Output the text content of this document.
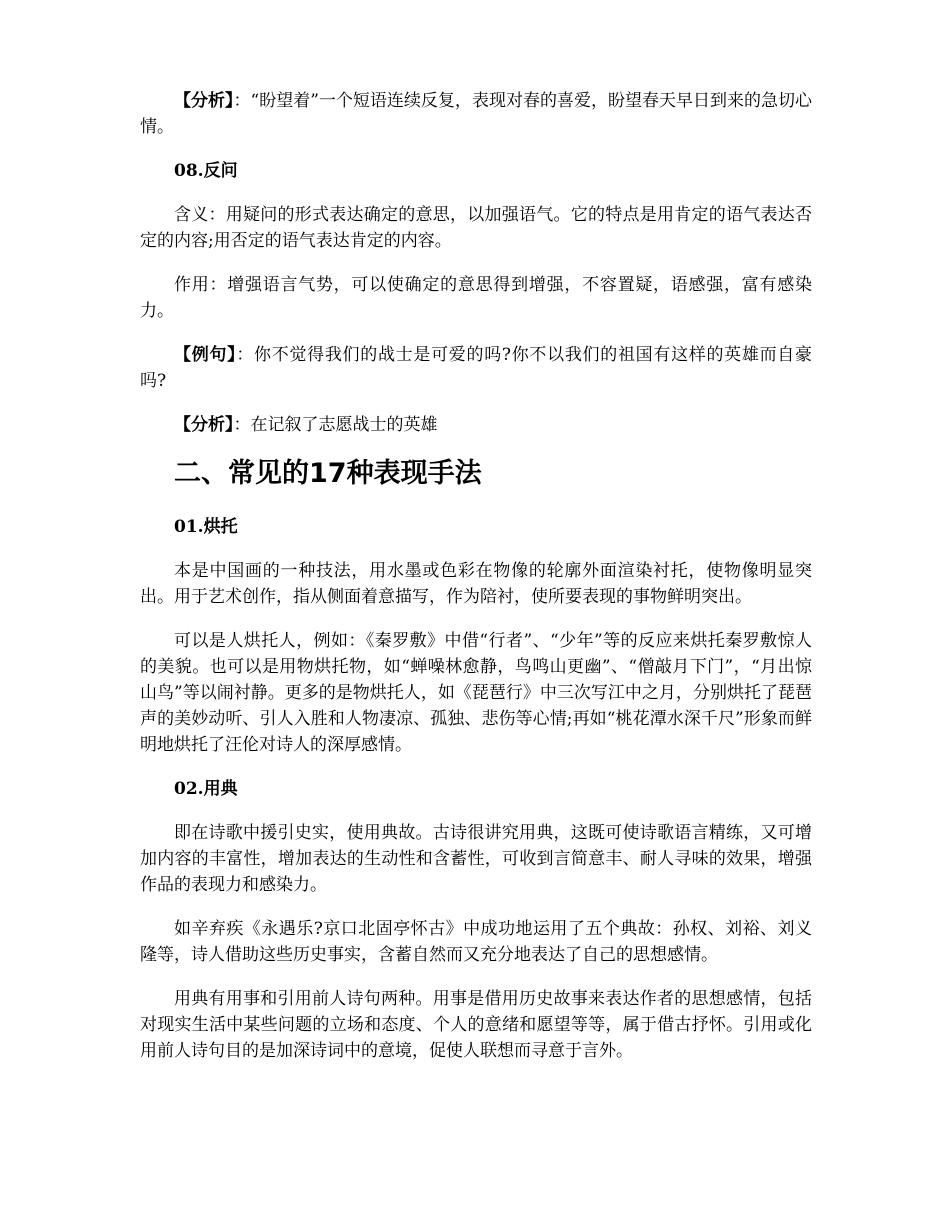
【分析】：“盼望着”一个短语连续反复，表现对春的喜爱，盼望春天早日到来的急切心情。

08.反问

含义：用疑问的形式表达确定的意思，以加强语气。它的特点是用肯定的语气表达否定的内容;用否定的语气表达肯定的内容。

作用：增强语言气势，可以使确定的意思得到增强，不容置疑，语感强，富有感染力。

【例句】：你不觉得我们的战士是可爱的吗?你不以我们的祖国有这样的英雄而自豪吗?

【分析】：在记叙了志愿战士的英雄

二、常见的17种表现手法
01.烘托

本是中国画的一种技法，用水墨或色彩在物像的轮廓外面渲染衬托，使物像明显突出。用于艺术创作，指从侧面着意描写，作为陪衬，使所要表现的事物鲜明突出。

可以是人烘托人，例如：《秦罗敷》中借“行者”、“少年”等的反应来烘托秦罗敷惊人的美貌。也可以是用物烘托物，如“蝉噪林愈静，鸟鸣山更幽”、“僧敲月下门”，“月出惊山鸟”等以闹衬静。更多的是物烘托人，如《琵琶行》中三次写江中之月，分别烘托了琵琶声的美妙动听、引人入胜和人物凄凉、孤独、悲伤等心情;再如“桃花潭水深千尺”形象而鲜明地烘托了汪伦对诗人的深厚感情。

02.用典

即在诗歌中援引史实，使用典故。古诗很讲究用典，这既可使诗歌语言精练，又可增加内容的丰富性，增加表达的生动性和含蓄性，可收到言简意丰、耐人寻味的效果，增强作品的表现力和感染力。

如辛弃疾《永遇乐?京口北固亭怀古》中成功地运用了五个典故：孙权、刘裕、刘义隆等，诗人借助这些历史事实，含蓄自然而又充分地表达了自己的思想感情。

用典有用事和引用前人诗句两种。用事是借用历史故事来表达作者的思想感情，包括对现实生活中某些问题的立场和态度、个人的意绪和愿望等等，属于借古抒怀。引用或化用前人诗句目的是加深诗词中的意境，促使人联想而寻意于言外。
